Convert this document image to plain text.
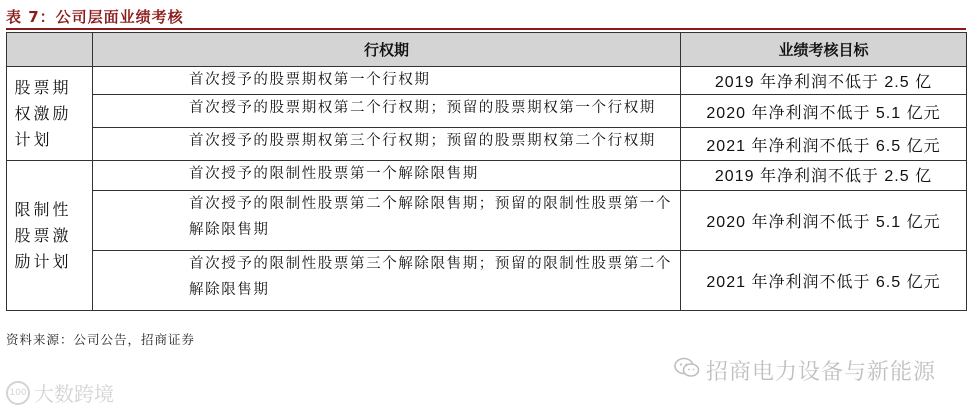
表 7：公司层面业绩考核
	行权期	业绩考核目标

股票期权激励计划	首次授予的股票期权第一个行权期	2019 年净利润不低于 2.5 亿
	首次授予的股票期权第二个行权期；预留的股票期权第一个行权期	2020 年净利润不低于 5.1 亿元
	首次授予的股票期权第三个行权期；预留的股票期权第二个行权期	2021 年净利润不低于 6.5 亿元

限制性股票激励计划	首次授予的限制性股票第一个解除限售期	2019 年净利润不低于 2.5 亿
	首次授予的限制性股票第二个解除限售期；预留的限制性股票第一个解除限售期	2020 年净利润不低于 5.1 亿元
	首次授予的限制性股票第三个解除限售期；预留的限制性股票第二个解除限售期	2021 年净利润不低于 6.5 亿元
资料来源：公司公告，招商证券
招商电力设备与新能源
100 大数跨境
